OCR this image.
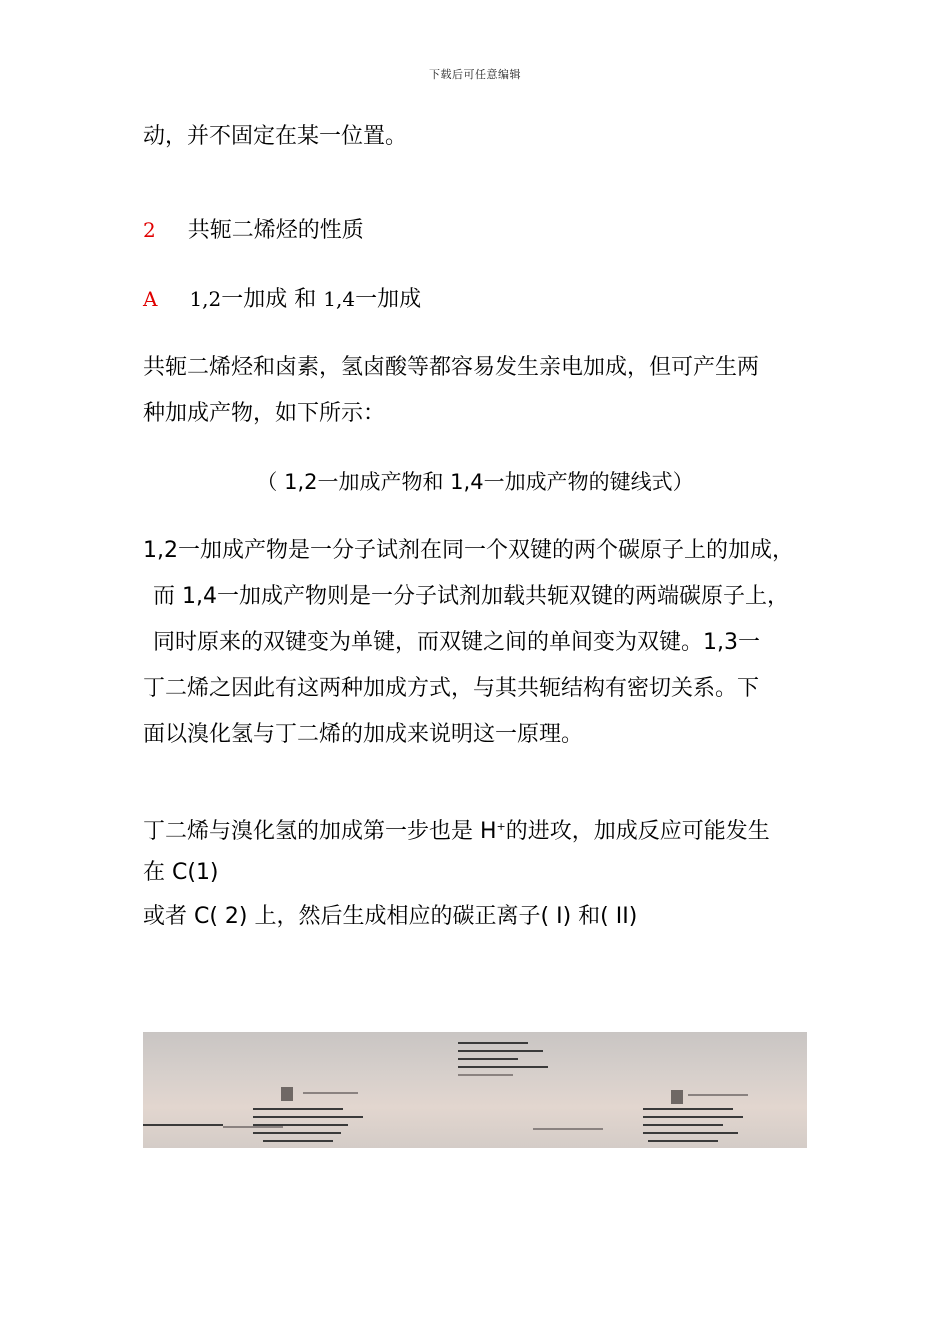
下载后可任意编辑
动，并不固定在某一位置。
2 共轭二烯烃的性质
A 1,2一加成 和 1,4一加成
共轭二烯烃和卤素，氢卤酸等都容易发生亲电加成，但可产生两
种加成产物，如下所示：
（ 1,2一加成产物和 1,4一加成产物的键线式）
1,2一加成产物是一分子试剂在同一个双键的两个碳原子上的加成，
而 1,4一加成产物则是一分子试剂加载共轭双键的两端碳原子上，
同时原来的双键变为单键，而双键之间的单间变为双键。1,3一
丁二烯之因此有这两种加成方式，与其共轭结构有密切关系。下
面以溴化氢与丁二烯的加成来说明这一原理。
丁二烯与溴化氢的加成第一步也是 H+的进攻，加成反应可能发生
在 C(1)
或者 C( 2) 上，然后生成相应的碳正离子( I) 和( II)
